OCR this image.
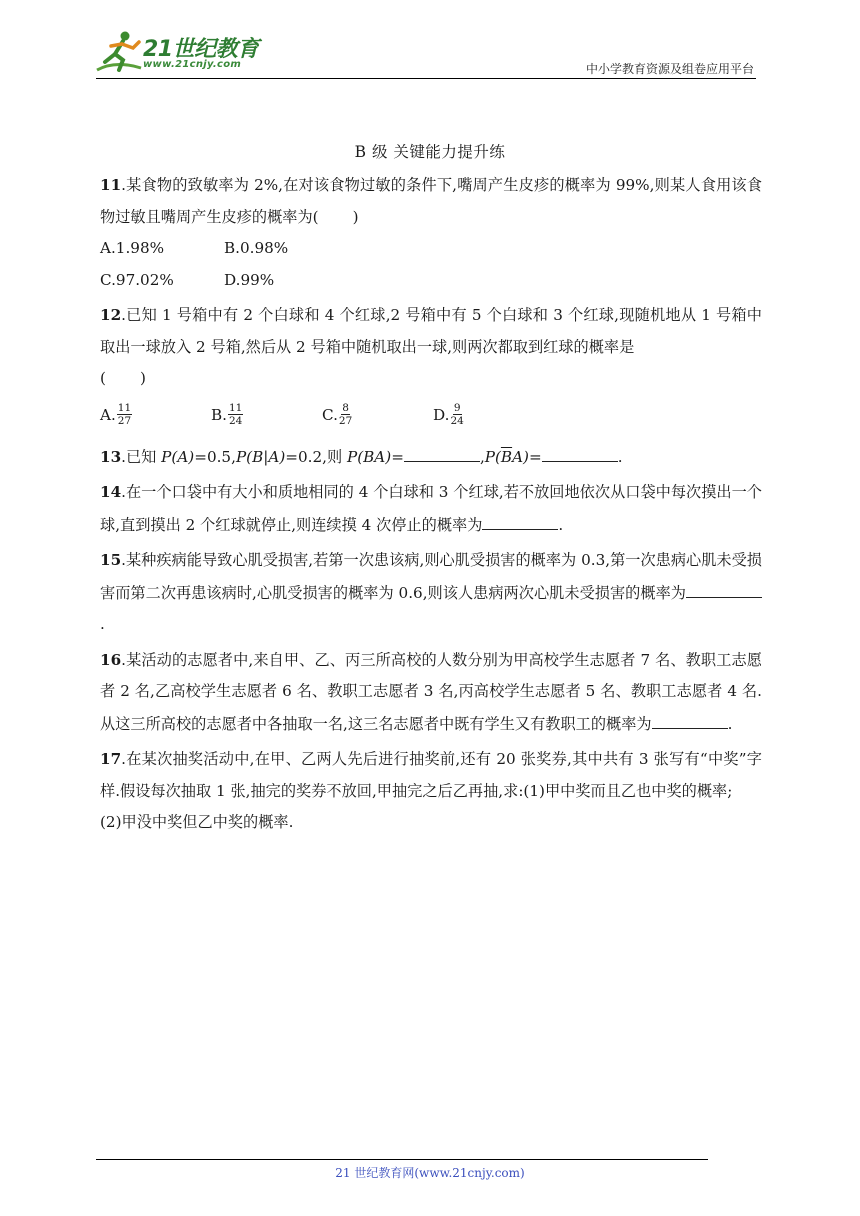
21世纪教育
www.21cnjy.com	中小学教育资源及组卷应用平台
B 级 关键能力提升练

11.某食物的致敏率为 2%,在对该食物过敏的条件下,嘴周产生皮疹的概率为 99%,则某人食用该食物过敏且嘴周产生皮疹的概率为( )

A.1.98%	B.0.98%
C.97.02%	D.99%

12.已知 1 号箱中有 2 个白球和 4 个红球,2 号箱中有 5 个白球和 3 个红球,现随机地从 1 号箱中取出一球放入 2 号箱,然后从 2 号箱中随机取出一球,则两次都取到红球的概率是

( )

A. $\frac{11}{27}$	B. $\frac{11}{24}$	C. $\frac{8}{27}$	D. $\frac{9}{24}$

13.已知 P(A)=0.5,P(B|A)=0.2,则 P(BA)=	$,P(\overline{B}A)=$	.

14.在一个口袋中有大小和质地相同的 4 个白球和 3 个红球,若不放回地依次从口袋中每次摸出一个球,直到摸出 2 个红球就停止,则连续摸 4 次停止的概率为	.

15.某种疾病能导致心肌受损害,若第一次患该病,则心肌受损害的概率为 0.3,第一次患病心肌未受损害而第二次再患该病时,心肌受损害的概率为 0.6,则该人患病两次心肌未受损害的概率为.

16.某活动的志愿者中,来自甲、乙、丙三所高校的人数分别为甲高校学生志愿者 7 名、教职工志愿者 2 名,乙高校学生志愿者 6 名、教职工志愿者 3 名,丙高校学生志愿者 5 名、教职工志愿者 4 名.从这三所高校的志愿者中各抽取一名,这三名志愿者中既有学生又有教职工的概率为	.

17.在某次抽奖活动中,在甲、乙两人先后进行抽奖前,还有 20 张奖券,其中共有 3 张写有“中奖”字样.假设每次抽取 1 张,抽完的奖券不放回,甲抽完之后乙再抽,求:(1)甲中奖而且乙也中奖的概率;

(2)甲没中奖但乙中奖的概率.

21 世纪教育网(www.21cnjy.com)
